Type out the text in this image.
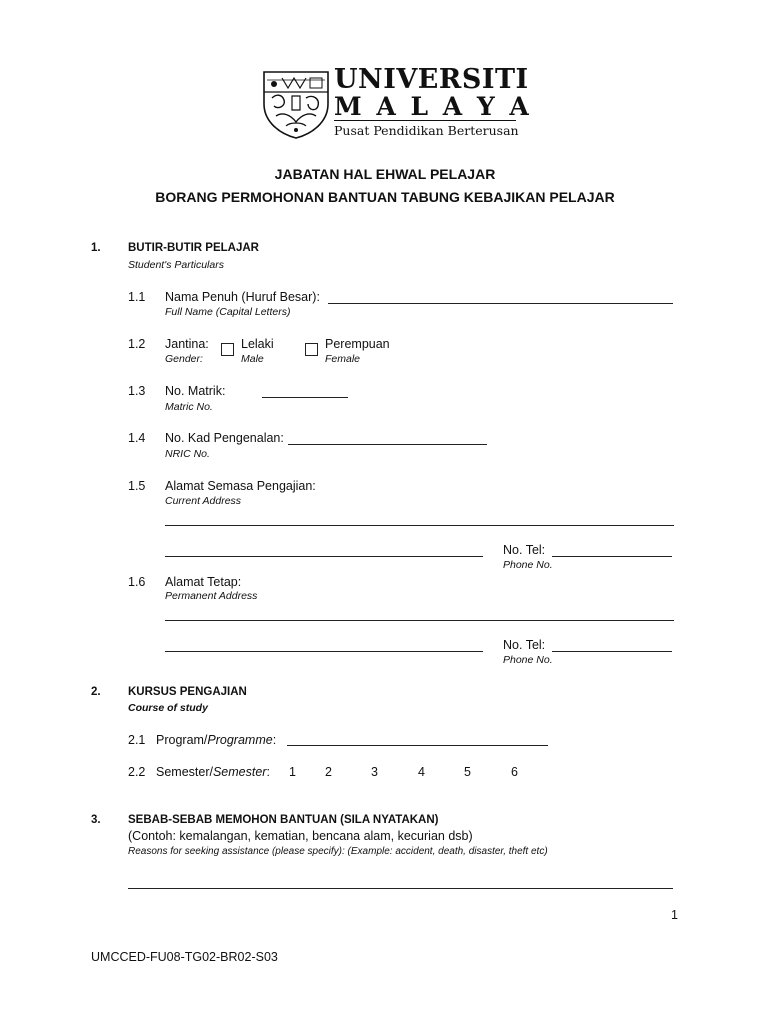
UNIVERSITI
M A L A Y A
Pusat Pendidikan Berterusan
JABATAN HAL EHWAL PELAJAR
BORANG PERMOHONAN BANTUAN TABUNG KEBAJIKAN PELAJAR
1. BUTIR-BUTIR PELAJAR
Student's Particulars
1.1 Nama Penuh (Huruf Besar):
Full Name (Capital Letters)
1.2 Jantina:
Gender:
Lelaki
Male
Perempuan
Female
1.3 No. Matrik:
Matric No.
1.4 No. Kad Pengenalan:
NRIC No.
1.5 Alamat Semasa Pengajian:
Current Address
No. Tel:
Phone No.
1.6 Alamat Tetap:
Permanent Address
No. Tel:
Phone No.
2. KURSUS PENGAJIAN
Course of study
2.1 Program/Programme:
2.2 Semester/Semester: 1 2	3	4	5	6
3. SEBAB-SEBAB MEMOHON BANTUAN (SILA NYATAKAN)
(Contoh: kemalangan, kematian, bencana alam, kecurian dsb)
Reasons for seeking assistance (please specify): (Example: accident, death, disaster, theft etc)
1
UMCCED-FU08-TG02-BR02-S03
